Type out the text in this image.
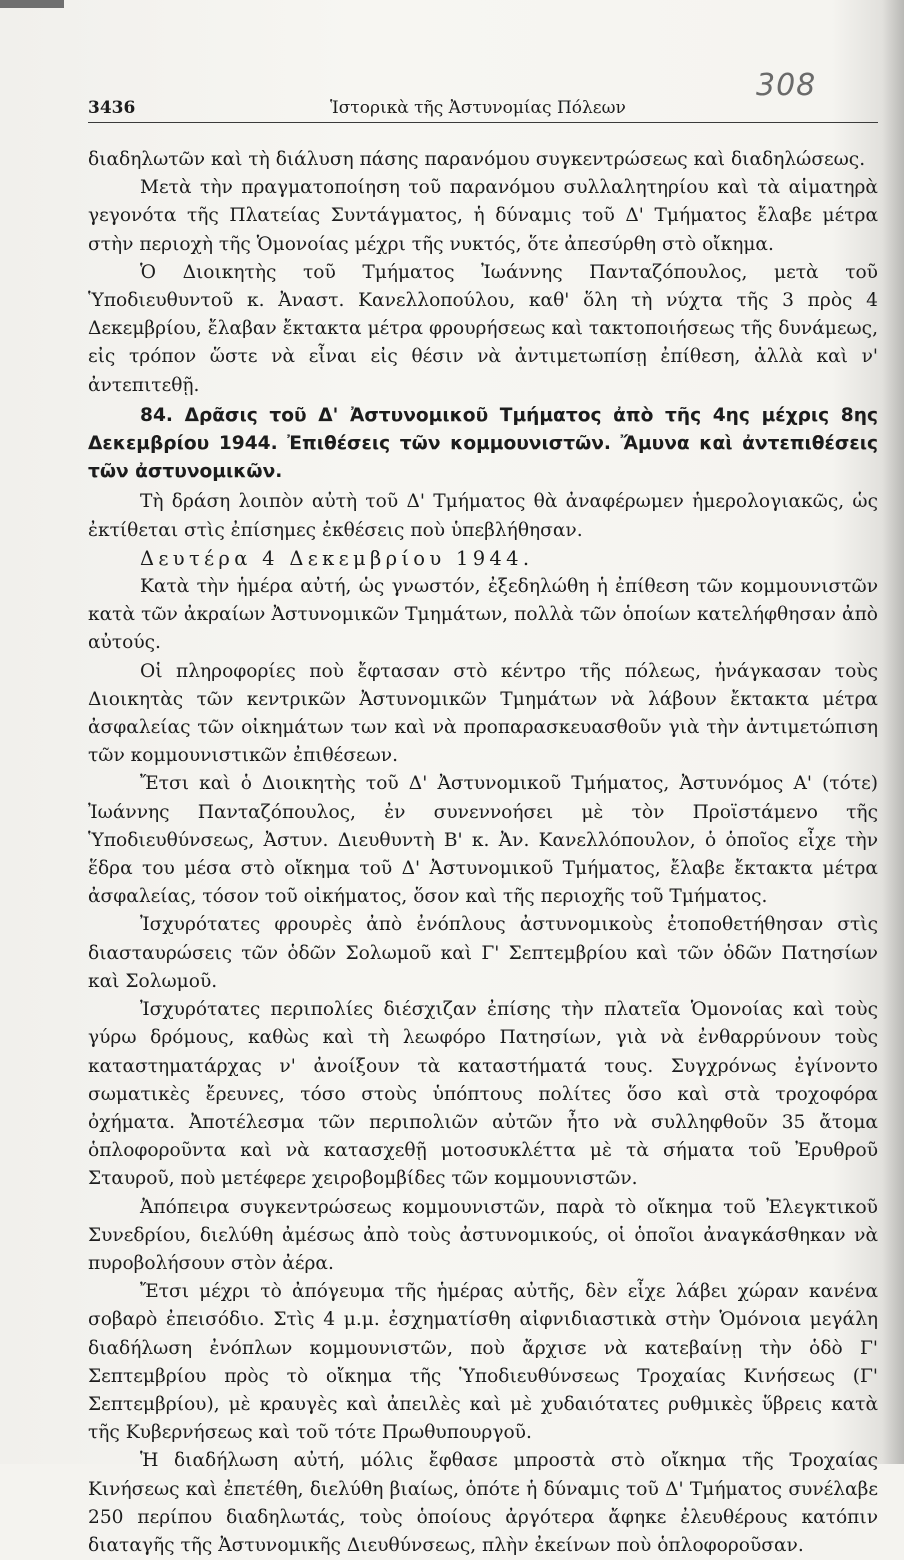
308
3436	Ἱστορικὰ τῆς Ἀστυνομίας Πόλεων

διαδηλωτῶν καὶ τὴ διάλυση πάσης παρανόμου συγκεντρώσεως καὶ διαδηλώσεως.

Μετὰ τὴν πραγματοποίηση τοῦ παρανόμου συλλαλητηρίου καὶ τὰ αἱματηρὰ γεγονότα τῆς Πλατείας Συντάγματος, ἡ δύναμις τοῦ Δ' Τμήματος ἔλαβε μέτρα στὴν περιοχὴ τῆς Ὁμονοίας μέχρι τῆς νυκτός, ὅτε ἀπεσύρθη στὸ οἴκημα.

Ὁ Διοικητὴς τοῦ Τμήματος Ἰωάννης Πανταζόπουλος, μετὰ τοῦ Ὑποδιευθυντοῦ κ. Ἀναστ. Κανελλοπούλου, καθ' ὅλη τὴ νύχτα τῆς 3 πρὸς 4 Δεκεμβρίου, ἔλαβαν ἔκτακτα μέτρα φρουρήσεως καὶ τακτοποιήσεως τῆς δυνάμεως, εἰς τρόπον ὥστε νὰ εἶναι εἰς θέσιν νὰ ἀντιμετωπίσῃ ἐπίθεση, ἀλλὰ καὶ ν' ἀντεπιτεθῇ.

84. Δρᾶσις τοῦ Δ' Ἀστυνομικοῦ Τμήματος ἀπὸ τῆς 4ης μέχρις 8ης Δεκεμβρίου 1944. Ἐπιθέσεις τῶν κομμουνιστῶν. Ἄμυνα καὶ ἀντεπιθέσεις τῶν ἀστυνομικῶν.

Τὴ δράση λοιπὸν αὐτὴ τοῦ Δ' Τμήματος θὰ ἀναφέρωμεν ἡμερολογιακῶς, ὡς ἐκτίθεται στὶς ἐπίσημες ἐκθέσεις ποὺ ὑπεβλήθησαν.

Δευτέρα 4 Δεκεμβρίου 1944.

Κατὰ τὴν ἡμέρα αὐτή, ὡς γνωστόν, ἐξεδηλώθη ἡ ἐπίθεση τῶν κομμουνιστῶν κατὰ τῶν ἀκραίων Ἀστυνομικῶν Τμημάτων, πολλὰ τῶν ὁποίων κατελήφθησαν ἀπὸ αὐτούς.

Οἱ πληροφορίες ποὺ ἔφτασαν στὸ κέντρο τῆς πόλεως, ἠνάγκασαν τοὺς Διοικητὰς τῶν κεντρικῶν Ἀστυνομικῶν Τμημάτων νὰ λάβουν ἔκτακτα μέτρα ἀσφαλείας τῶν οἰκημάτων των καὶ νὰ προπαρασκευασθοῦν γιὰ τὴν ἀντιμετώπιση τῶν κομμουνιστικῶν ἐπιθέσεων.

Ἔτσι καὶ ὁ Διοικητὴς τοῦ Δ' Ἀστυνομικοῦ Τμήματος, Ἀστυνόμος Α' (τότε) Ἰωάννης Πανταζόπουλος, ἐν συνεννοήσει μὲ τὸν Προϊστάμενο τῆς Ὑποδιευθύνσεως, Ἀστυν. Διευθυντὴ Β' κ. Ἀν. Κανελλόπουλον, ὁ ὁποῖος εἶχε τὴν ἕδρα του μέσα στὸ οἴκημα τοῦ Δ' Ἀστυνομικοῦ Τμήματος, ἔλαβε ἔκτακτα μέτρα ἀσφαλείας, τόσον τοῦ οἰκήματος, ὅσον καὶ τῆς περιοχῆς τοῦ Τμήματος.

Ἰσχυρότατες φρουρὲς ἀπὸ ἐνόπλους ἀστυνομικοὺς ἐτοποθετήθησαν στὶς διασταυρώσεις τῶν ὁδῶν Σολωμοῦ καὶ Γ' Σεπτεμβρίου καὶ τῶν ὁδῶν Πατησίων καὶ Σολωμοῦ.

Ἰσχυρότατες περιπολίες διέσχιζαν ἐπίσης τὴν πλατεῖα Ὁμονοίας καὶ τοὺς γύρω δρόμους, καθὼς καὶ τὴ λεωφόρο Πατησίων, γιὰ νὰ ἐνθαρρύνουν τοὺς καταστηματάρχας ν' ἀνοίξουν τὰ καταστήματά τους. Συγχρόνως ἐγίνοντο σωματικὲς ἔρευνες, τόσο στοὺς ὑπόπτους πολίτες ὅσο καὶ στὰ τροχοφόρα ὀχήματα. Ἀποτέλεσμα τῶν περιπολιῶν αὐτῶν ἦτο νὰ συλληφθοῦν 35 ἄτομα ὁπλοφοροῦντα καὶ νὰ κατασχεθῇ μοτοσυκλέττα μὲ τὰ σήματα τοῦ Ἐρυθροῦ Σταυροῦ, ποὺ μετέφερε χειροβομβίδες τῶν κομμουνιστῶν.

Ἀπόπειρα συγκεντρώσεως κομμουνιστῶν, παρὰ τὸ οἴκημα τοῦ Ἐλεγκτικοῦ Συνεδρίου, διελύθη ἀμέσως ἀπὸ τοὺς ἀστυνομικούς, οἱ ὁποῖοι ἀναγκάσθηκαν νὰ πυροβολήσουν στὸν ἀέρα.

Ἔτσι μέχρι τὸ ἀπόγευμα τῆς ἡμέρας αὐτῆς, δὲν εἶχε λάβει χώραν κανένα σοβαρὸ ἐπεισόδιο. Στὶς 4 μ.μ. ἐσχηματίσθη αἰφνιδιαστικὰ στὴν Ὁμόνοια μεγάλη διαδήλωση ἐνόπλων κομμουνιστῶν, ποὺ ἄρχισε νὰ κατεβαίνῃ τὴν ὁδὸ Γ' Σεπτεμβρίου πρὸς τὸ οἴκημα τῆς Ὑποδιευθύνσεως Τροχαίας Κινήσεως (Γ' Σεπτεμβρίου), μὲ κραυγὲς καὶ ἀπειλὲς καὶ μὲ χυδαιότατες ρυθμικὲς ὕβρεις κατὰ τῆς Κυβερνήσεως καὶ τοῦ τότε Πρωθυπουργοῦ.

Ἡ διαδήλωση αὐτή, μόλις ἔφθασε μπροστὰ στὸ οἴκημα τῆς Τροχαίας Κινήσεως καὶ ἐπετέθη, διελύθη βιαίως, ὁπότε ἡ δύναμις τοῦ Δ' Τμήματος συνέλαβε 250 περίπου διαδηλωτάς, τοὺς ὁποίους ἀργότερα ἄφηκε ἐλευθέρους κατόπιν διαταγῆς τῆς Ἀστυνομικῆς Διευθύνσεως, πλὴν ἐκείνων ποὺ ὁπλοφοροῦσαν.
